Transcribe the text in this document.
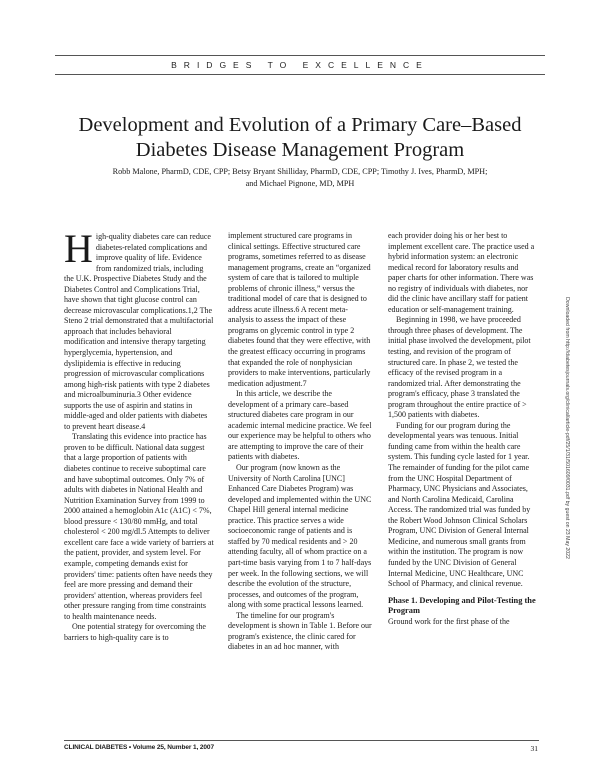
BRIDGES TO EXCELLENCE
Development and Evolution of a Primary Care–Based
Diabetes Disease Management Program
Robb Malone, PharmD, CDE, CPP; Betsy Bryant Shilliday, PharmD, CDE, CPP; Timothy J. Ives, PharmD, MPH;
and Michael Pignone, MD, MPH
H igh-quality diabetes care can reduce diabetes-related complications and improve quality of life. Evidence from randomized trials, including the U.K. Prospective Diabetes Study and the Diabetes Control and Complications Trial, have shown that tight glucose control can decrease microvascular complications.1,2 The Steno 2 trial demonstrated that a multifactorial approach that includes behavioral modification and intensive therapy targeting hyperglycemia, hypertension, and dyslipidemia is effective in reducing progression of microvascular complications among high-risk patients with type 2 diabetes and microalbuminuria.3 Other evidence supports the use of aspirin and statins in middle-aged and older patients with diabetes to prevent heart disease.4

Translating this evidence into practice has proven to be difficult. National data suggest that a large proportion of patients with diabetes continue to receive suboptimal care and have suboptimal outcomes. Only 7% of adults with diabetes in National Health and Nutrition Examination Survey from 1999 to 2000 attained a hemoglobin A1c (A1C) < 7%, blood pressure < 130/80 mmHg, and total cholesterol < 200 mg/dl.5 Attempts to deliver excellent care face a wide variety of barriers at the patient, provider, and system level. For example, competing demands exist for providers' time: patients often have needs they feel are more pressing and demand their providers' attention, whereas providers feel other pressure ranging from time constraints to health maintenance needs.

One potential strategy for overcoming the barriers to high-quality care is to

implement structured care programs in clinical settings. Effective structured care programs, sometimes referred to as disease management programs, create an “organized system of care that is tailored to multiple problems of chronic illness,” versus the traditional model of care that is designed to address acute illness.6 A recent meta-analysis to assess the impact of these programs on glycemic control in type 2 diabetes found that they were effective, with the greatest efficacy occurring in programs that expanded the role of nonphysician providers to make interventions, particularly medication adjustment.7

In this article, we describe the development of a primary care–based structured diabetes care program in our academic internal medicine practice. We feel our experience may be helpful to others who are attempting to improve the care of their patients with diabetes.

Our program (now known as the University of North Carolina [UNC] Enhanced Care Diabetes Program) was developed and implemented within the UNC Chapel Hill general internal medicine practice. This practice serves a wide socioeconomic range of patients and is staffed by 70 medical residents and > 20 attending faculty, all of whom practice on a part-time basis varying from 1 to 7 half-days per week. In the following sections, we will describe the evolution of the structure, processes, and outcomes of the program, along with some practical lessons learned.

The timeline for our program's development is shown in Table 1. Before our program's existence, the clinic cared for diabetes in an ad hoc manner, with

each provider doing his or her best to implement excellent care. The practice used a hybrid information system: an electronic medical record for laboratory results and paper charts for other information. There was no registry of individuals with diabetes, nor did the clinic have ancillary staff for patient education or self-management training.

Beginning in 1998, we have proceeded through three phases of development. The initial phase involved the development, pilot testing, and revision of the program of structured care. In phase 2, we tested the efficacy of the revised program in a randomized trial. After demonstrating the program's efficacy, phase 3 translated the program throughout the entire practice of > 1,500 patients with diabetes.

Funding for our program during the developmental years was tenuous. Initial funding came from within the health care system. This funding cycle lasted for 1 year. The remainder of funding for the pilot came from the UNC Hospital Department of Pharmacy, UNC Physicians and Associates, and North Carolina Medicaid, Carolina Access. The randomized trial was funded by the Robert Wood Johnson Clinical Scholars Program, UNC Division of General Internal Medicine, and numerous small grants from within the institution. The program is now funded by the UNC Division of General Internal Medicine, UNC Healthcare, UNC School of Pharmacy, and clinical revenue.

Phase 1. Developing and Pilot-Testing the Program

Ground work for the first phase of the

Downloaded from http://diabetesjournals.org/clinical/article-pdf/25/1/31/501609/0031.pdf by guest on 23 May 2022
CLINICAL DIABETES • Volume 25, Number 1, 2007	31
